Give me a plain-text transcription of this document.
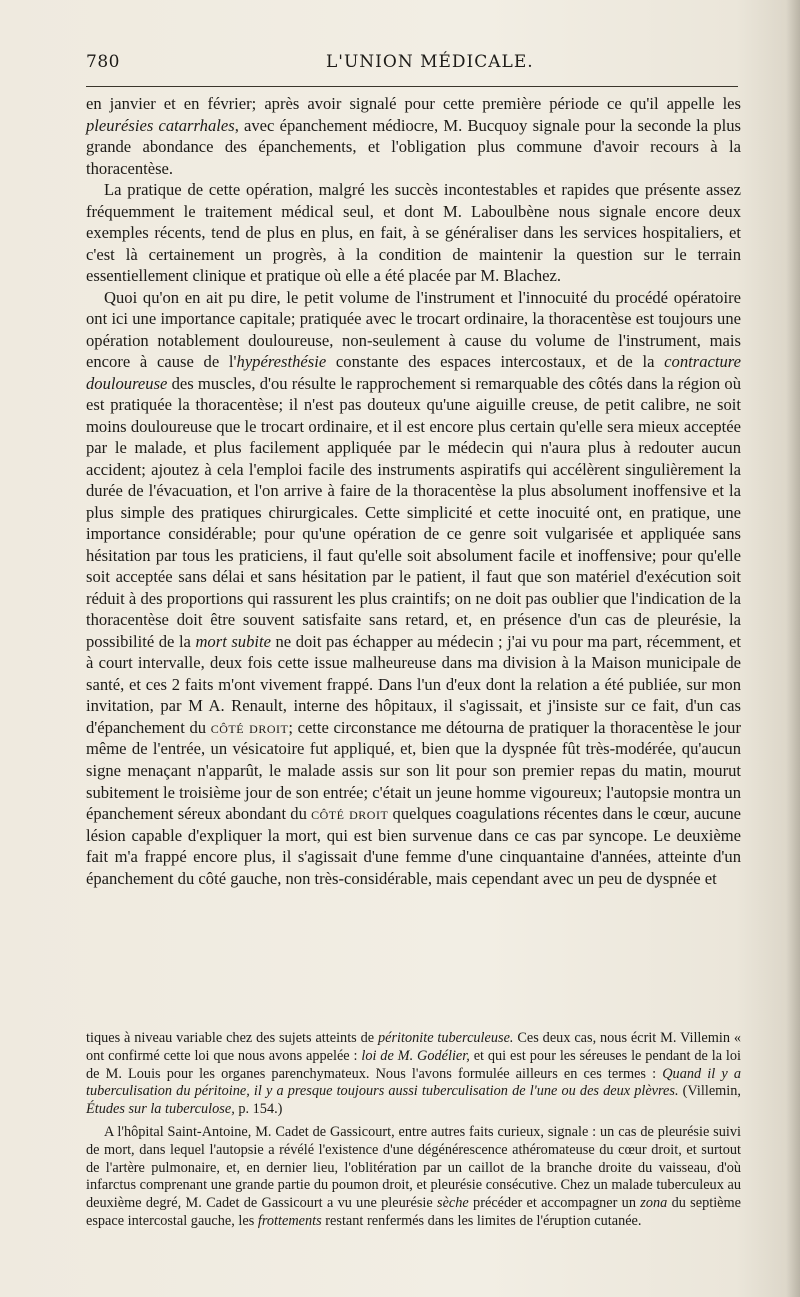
780	L'UNION MÉDICALE.

en janvier et en février; après avoir signalé pour cette première période ce qu'il appelle les pleurésies catarrhales, avec épanchement médiocre, M. Bucquoy signale pour la seconde la plus grande abondance des épanchements, et l'obligation plus commune d'avoir recours à la thoracentèse.

La pratique de cette opération, malgré les succès incontestables et rapides que présente assez fréquemment le traitement médical seul, et dont M. Laboulbène nous signale encore deux exemples récents, tend de plus en plus, en fait, à se généraliser dans les services hospitaliers, et c'est là certainement un progrès, à la condition de maintenir la question sur le terrain essentiellement clinique et pratique où elle a été placée par M. Blachez.

Quoi qu'on en ait pu dire, le petit volume de l'instrument et l'innocuité du procédé opératoire ont ici une importance capitale; pratiquée avec le trocart ordinaire, la thoracentèse est toujours une opération notablement douloureuse, non-seulement à cause du volume de l'instrument, mais encore à cause de l'hypéresthésie constante des espaces intercostaux, et de la contracture douloureuse des muscles, d'ou résulte le rapprochement si remarquable des côtés dans la région où est pratiquée la thoracentèse; il n'est pas douteux qu'une aiguille creuse, de petit calibre, ne soit moins douloureuse que le trocart ordinaire, et il est encore plus certain qu'elle sera mieux acceptée par le malade, et plus facilement appliquée par le médecin qui n'aura plus à redouter aucun accident; ajoutez à cela l'emploi facile des instruments aspiratifs qui accélèrent singulièrement la durée de l'évacuation, et l'on arrive à faire de la thoracentèse la plus absolument inoffensive et la plus simple des pratiques chirurgicales. Cette simplicité et cette inocuité ont, en pratique, une importance considérable; pour qu'une opération de ce genre soit vulgarisée et appliquée sans hésitation par tous les praticiens, il faut qu'elle soit absolument facile et inoffensive; pour qu'elle soit acceptée sans délai et sans hésitation par le patient, il faut que son matériel d'exécution soit réduit à des proportions qui rassurent les plus craintifs; on ne doit pas oublier que l'indication de la thoracentèse doit être souvent satisfaite sans retard, et, en présence d'un cas de pleurésie, la possibilité de la mort subite ne doit pas échapper au médecin ; j'ai vu pour ma part, récemment, et à court intervalle, deux fois cette issue malheureuse dans ma division à la Maison municipale de santé, et ces 2 faits m'ont vivement frappé. Dans l'un d'eux dont la relation a été publiée, sur mon invitation, par M A. Renault, interne des hôpitaux, il s'agissait, et j'insiste sur ce fait, d'un cas d'épanchement du côté droit; cette circonstance me détourna de pratiquer la thoracentèse le jour même de l'entrée, un vésicatoire fut appliqué, et, bien que la dyspnée fût très-modérée, qu'aucun signe menaçant n'apparût, le malade assis sur son lit pour son premier repas du matin, mourut subitement le troisième jour de son entrée; c'était un jeune homme vigoureux; l'autopsie montra un épanchement séreux abondant du côté droit quelques coagulations récentes dans le cœur, aucune lésion capable d'expliquer la mort, qui est bien survenue dans ce cas par syncope. Le deuxième fait m'a frappé encore plus, il s'agissait d'une femme d'une cinquantaine d'années, atteinte d'un épanchement du côté gauche, non très-considérable, mais cependant avec un peu de dyspnée et

tiques à niveau variable chez des sujets atteints de péritonite tuberculeuse. Ces deux cas, nous écrit M. Villemin « ont confirmé cette loi que nous avons appelée : loi de M. Godélier, et qui est pour les séreuses le pendant de la loi de M. Louis pour les organes parenchymateux. Nous l'avons formulée ailleurs en ces termes : Quand il y a tuberculisation du péritoine, il y a presque toujours aussi tuberculisation de l'une ou des deux plèvres. (Villemin, Études sur la tuberculose, p. 154.)

A l'hôpital Saint-Antoine, M. Cadet de Gassicourt, entre autres faits curieux, signale : un cas de pleurésie suivi de mort, dans lequel l'autopsie a révélé l'existence d'une dégénérescence athéromateuse du cœur droit, et surtout de l'artère pulmonaire, et, en dernier lieu, l'oblitération par un caillot de la branche droite du vaisseau, d'où infarctus comprenant une grande partie du poumon droit, et pleurésie consécutive. Chez un malade tuberculeux au deuxième degré, M. Cadet de Gassicourt a vu une pleurésie sèche précéder et accompagner un zona du septième espace intercostal gauche, les frottements restant renfermés dans les limites de l'éruption cutanée.
